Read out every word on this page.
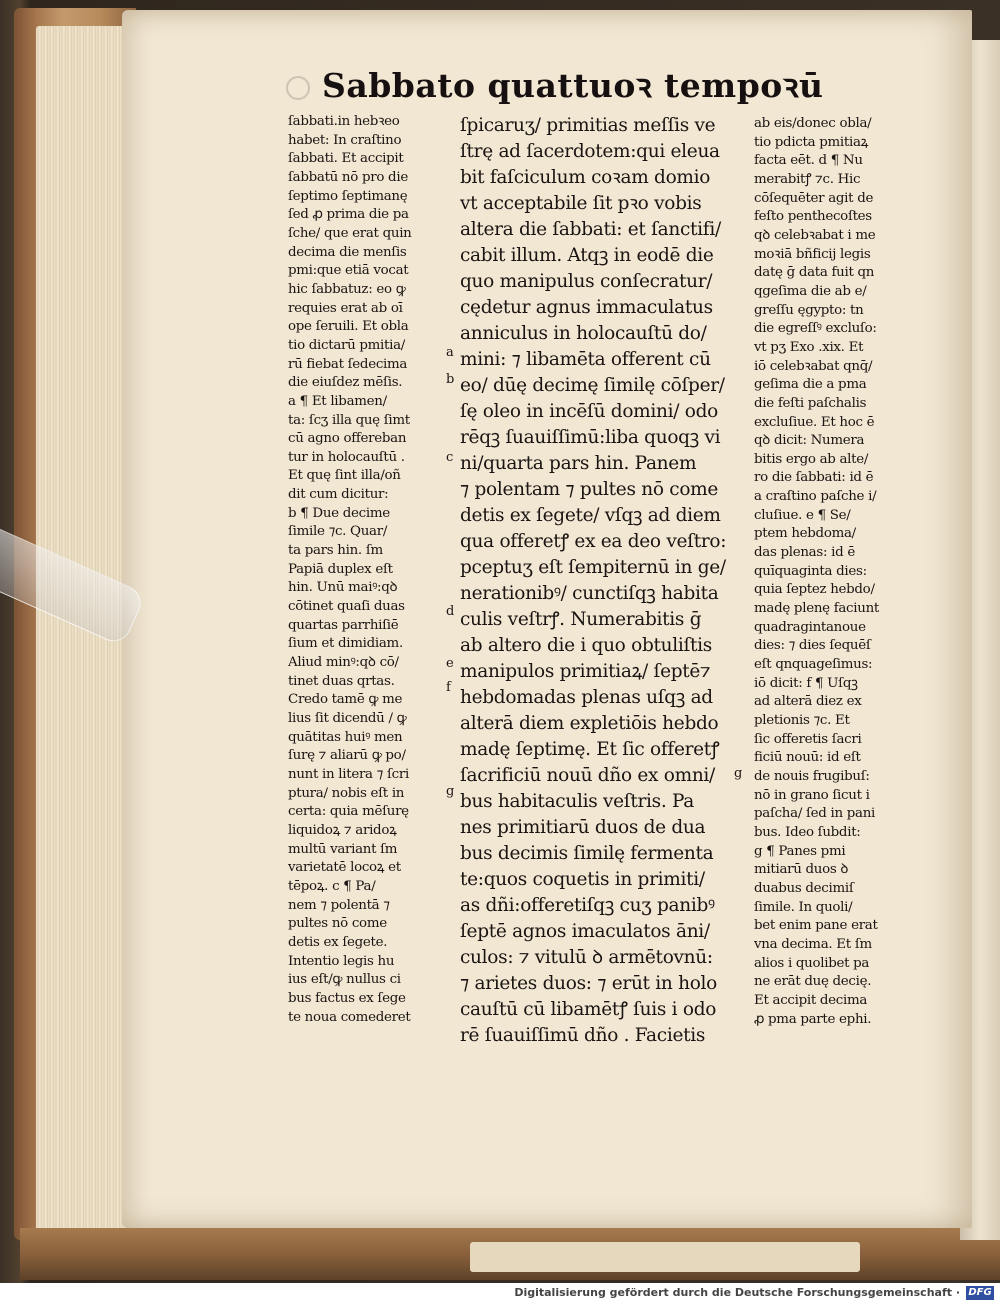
Sabbato quattuoꝛ tempoꝛū
ſabbati.in hebꝛeo
habet: In craſtino
ſabbati. Et accipit
ſabbatū nō pro die
ſeptimo ſeptimanę
ſed ꝓ prima die pa
ſche/ que erat quin
decima die menſis
pmi:que etiā vocat
hic ſabbatuz: eo ꝙ
requies erat ab oī
ope ſeruili. Et obla
tio dictarū pmitia/
rū fiebat ſedecima
die eiuſdez mēſis.
a ¶ Et libamen/
ta: ſcʒ illa quę ſimt
cū agno offereban
tur in holocauſtū .
Et quę ſint illa/oñ
dit cum dicitur:
b ¶ Due decime
ſimile ⁊c. Quar/
ta pars hin. ſm
Papiā duplex eſt
hin. Unū maiꝰ:qꝺ
cōtinet quaſi duas
quartas parrhiſiē
ſium et dimidiam.
Aliud minꝰ:qꝺ cō/
tinet duas qrtas.
Credo tamē ꝙ me
lius ſit dicendū / ꝙ
quātitas huiꝰ men
ſurę ⁊ aliarū ꝙ po/
nunt in litera ⁊ ſcri
ptura/ nobis eſt in
certa: quia mēſurę
liquidoꝝ ⁊ aridoꝝ
multū variant ſm
varietatē locoꝝ et
tēpoꝝ. c ¶ Pa/
nem ⁊ polentā ⁊
pultes nō come
detis ex ſegete.
Intentio legis hu
ius eſt/ꝙ nullus ci
bus factus ex ſege
te noua comederet
ſpicaruʒ/ primitias meſſis ve
ſtrę ad ſacerdotem:qui eleua
bit faſciculum coꝛam domio
vt acceptabile ſit pꝛo vobis
altera die ſabbati: et ſanctifi/
cabit illum. Atqꝫ in eodē die
quo manipulus conſecratur/
cędetur agnus immaculatus
anniculus in holocauſtū do/
mini: ⁊ libamēta offerent cū
eo/ dūę decimę ſimilę cōſper/
ſę oleo in incēſū domini/ odo
rēqꝫ ſuauiſſimū:liba quoqꝫ vi
ni/quarta pars hin. Panem
⁊ polentam ⁊ pultes nō come
detis ex ſegete/ vſqꝫ ad diem
qua offeretꝭ ex ea deo veſtro:
pceptuʒ eſt ſempiternū in ge/
nerationibꝰ/ cunctiſqꝫ habita
culis veſtrꝭ. Numerabitis ḡ
ab altero die i quo obtuliſtis
manipulos primitiaꝝ/ ſeptē⁊
hebdomadas plenas uſqꝫ ad
alterā diem expletiōis hebdo
madę ſeptimę. Et ſic offeretꝭ
ſacrificiū nouū dño ex omni/
bus habitaculis veſtris. Pa
nes primitiarū duos de dua
bus decimis ſimilę fermenta
te:quos coquetis in primiti/
as dñi:offeretiſqꝫ cuʒ panibꝰ
ſeptē agnos imaculatos āni/
culos: ⁊ vitulū ꝺ armētovnū:
⁊ arietes duos: ⁊ erūt in holo
cauſtū cū libamētꝭ ſuis i odo
rē ſuauiſſimū dño . Facietis
ab eis/donec obla/
tio pdicta pmitiaꝝ
facta eēt. d ¶ Nu
merabitꝭ ⁊c. Hic
cōſequēter agit de
feſto penthecoſtes
qꝺ celebꝛabat i me
moꝛiā bñficij legis
datę ḡ data fuit qn
qgeſima die ab e/
greſſu ęgypto: tn
die egreſſꝰ excluſo:
vt pʒ Exo .xix. Et
iō celebꝛabat qnq̄/
geſima die a pma
die feſti paſchalis
excluſiue. Et hoc ē
qꝺ dicit: Numera
bitis ergo ab alte/
ro die ſabbati: id ē
a craſtino paſche i/
cluſiue. e ¶ Se/
ptem hebdoma/
das plenas: id ē
quīquaginta dies:
quia ſeptez hebdo/
madę plenę faciunt
quadragintanoue
dies: ⁊ dies ſequēſ
eſt qnquageſimus:
iō dicit: f ¶ Uſqꝫ
ad alterā diez ex
pletionis ⁊c. Et
ſic offeretis ſacri
ficiū nouū: id eſt
de nouis frugibuſ:
nō in grano ſicut i
paſcha/ ſed in pani
bus. Ideo ſubdit:
g ¶ Panes pmi
mitiarū duos ꝺ
duabus decimiſ
ſimile. In quoli/
bet enim pane erat
vna decima. Et ſm
alios i quolibet pa
ne erāt duę decię.
Et accipit decima
ꝓ pma parte ephi.
a
b
c
d
e
f
g
g
Digitalisierung gefördert durch die Deutsche Forschungsgemeinschaft · DFG
